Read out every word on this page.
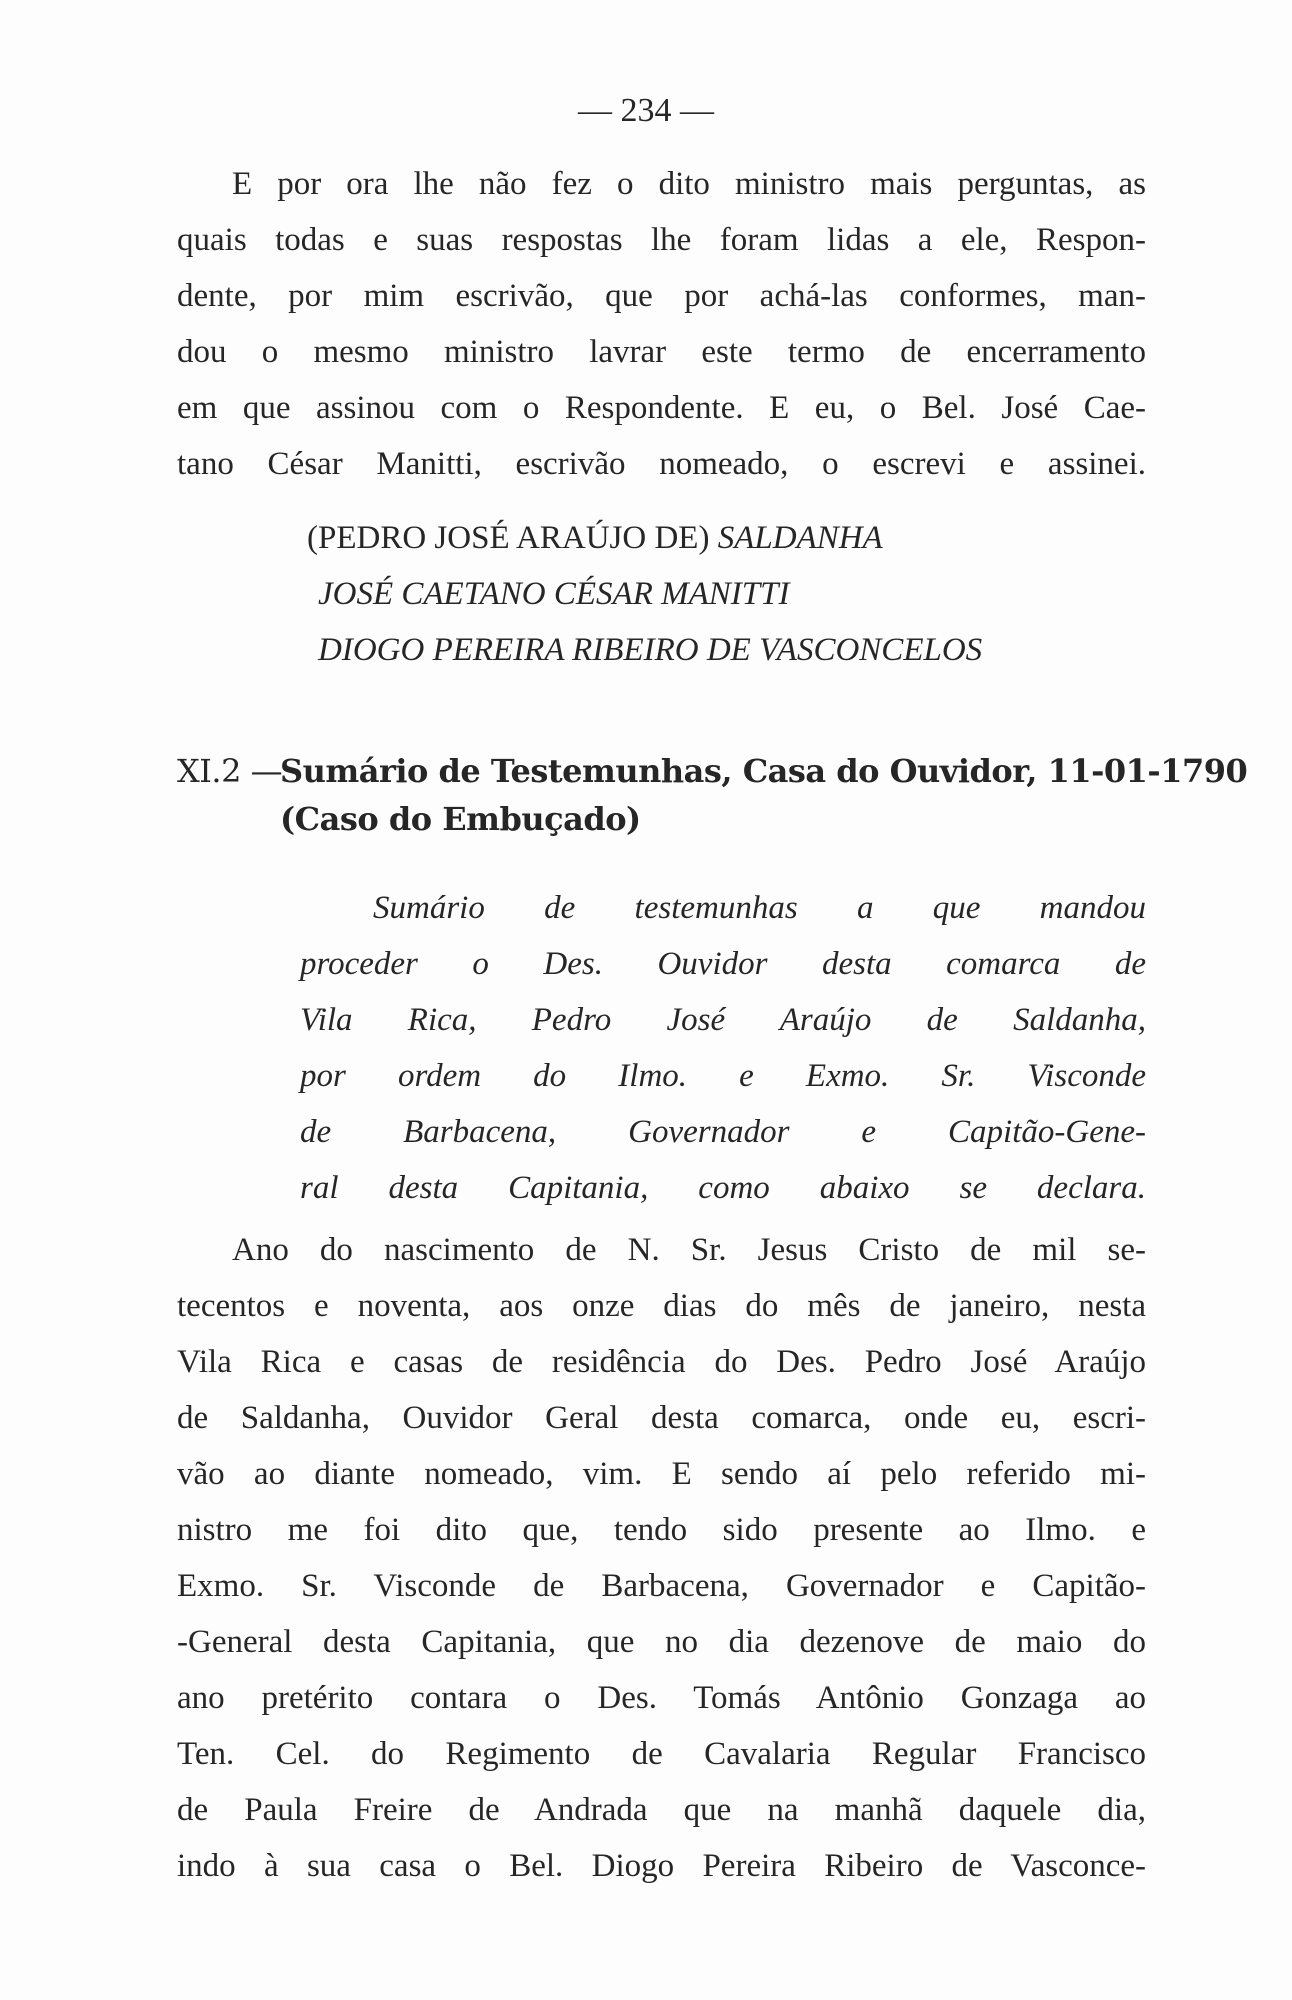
— 234 —
E por ora lhe não fez o dito ministro mais perguntas, as
quais todas e suas respostas lhe foram lidas a ele, Respon-
dente, por mim escrivão, que por achá-las conformes, man-
dou o mesmo ministro lavrar este termo de encerramento
em que assinou com o Respondente. E eu, o Bel. José Cae-
tano César Manitti, escrivão nomeado, o escrevi e assinei.
(PEDRO JOSÉ ARAÚJO DE) SALDANHA
JOSÉ CAETANO CÉSAR MANITTI
DIOGO PEREIRA RIBEIRO DE VASCONCELOS
XI.2 —
Sumário de Testemunhas, Casa do Ouvidor, 11-01-1790
(Caso do Embuçado)
Sumário de testemunhas a que mandou
proceder o Des. Ouvidor desta comarca de
Vila Rica, Pedro José Araújo de Saldanha,
por ordem do Ilmo. e Exmo. Sr. Visconde
de Barbacena, Governador e Capitão-Gene-
ral desta Capitania, como abaixo se declara.
Ano do nascimento de N. Sr. Jesus Cristo de mil se-
tecentos e noventa, aos onze dias do mês de janeiro, nesta
Vila Rica e casas de residência do Des. Pedro José Araújo
de Saldanha, Ouvidor Geral desta comarca, onde eu, escri-
vão ao diante nomeado, vim. E sendo aí pelo referido mi-
nistro me foi dito que, tendo sido presente ao Ilmo. e
Exmo. Sr. Visconde de Barbacena, Governador e Capitão-
-General desta Capitania, que no dia dezenove de maio do
ano pretérito contara o Des. Tomás Antônio Gonzaga ao
Ten. Cel. do Regimento de Cavalaria Regular Francisco
de Paula Freire de Andrada que na manhã daquele dia,
indo à sua casa o Bel. Diogo Pereira Ribeiro de Vasconce-
